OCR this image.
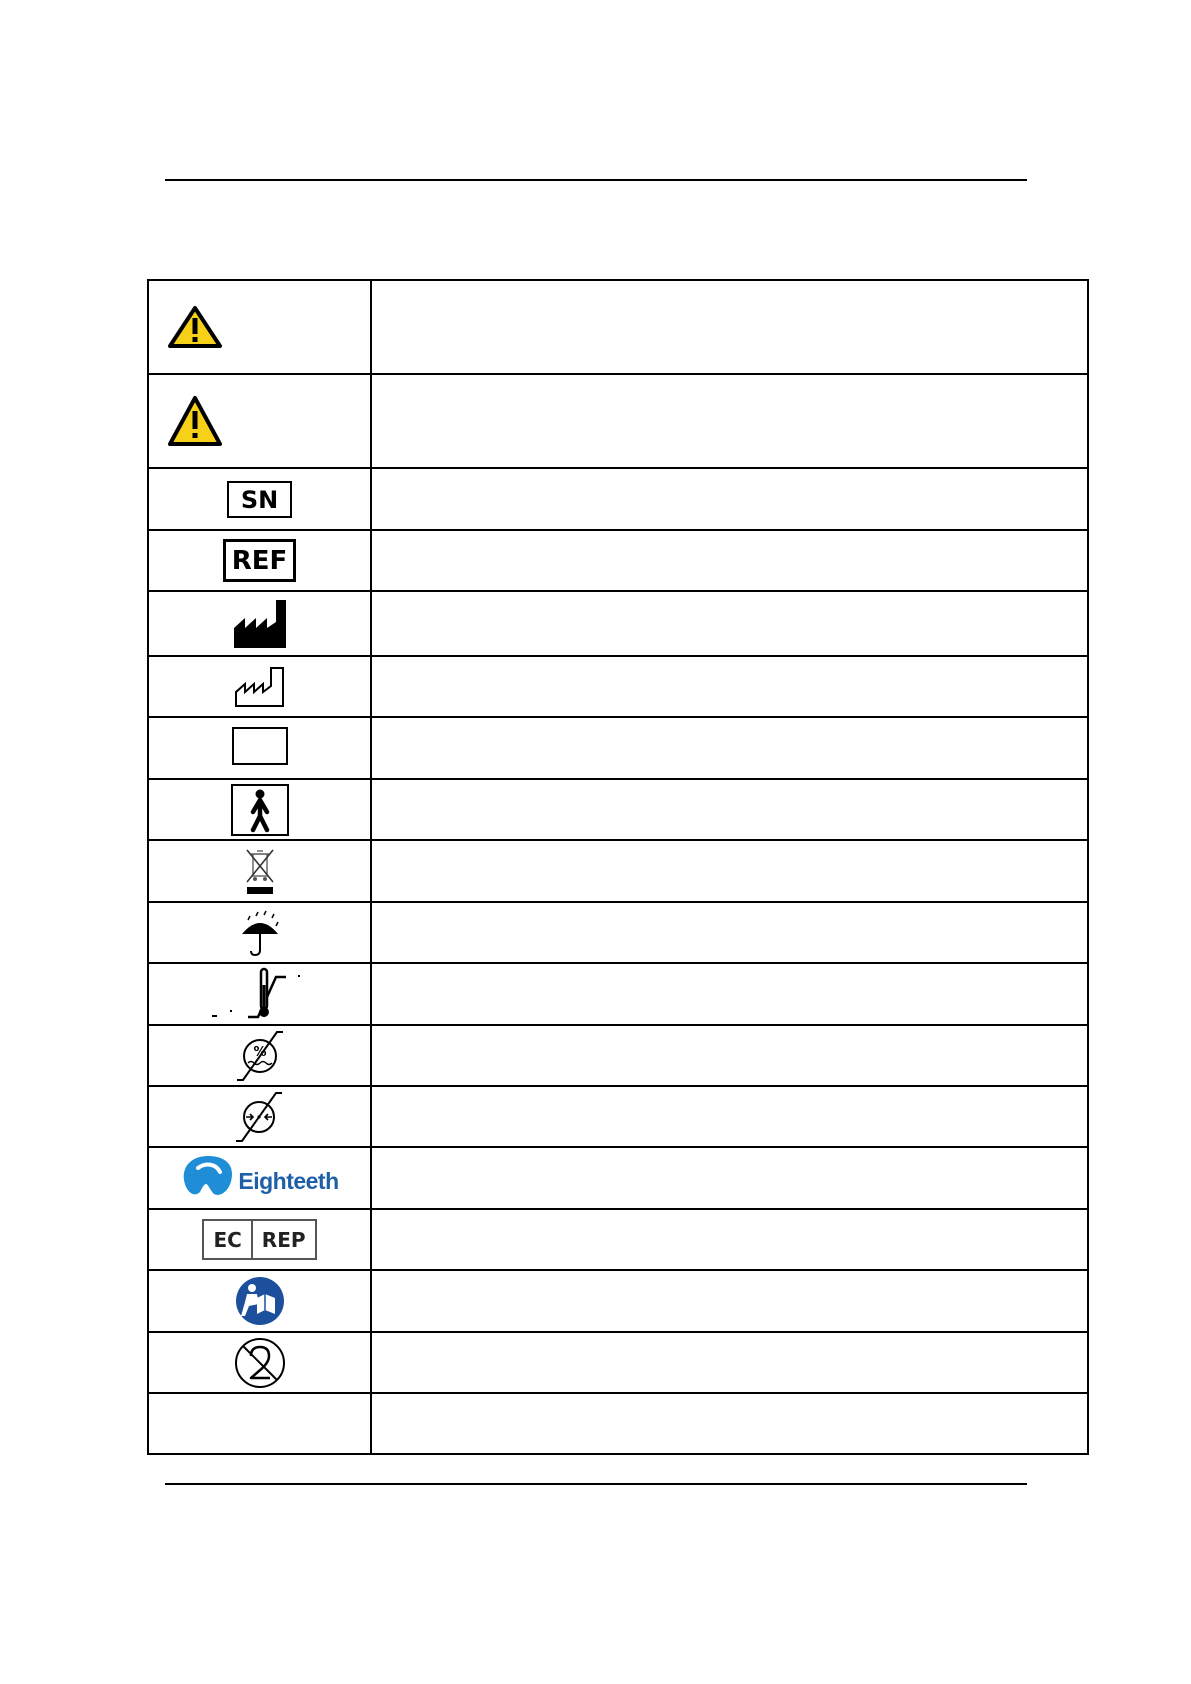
SN	
REF	

%	

Eighteeth	

EC REP	
